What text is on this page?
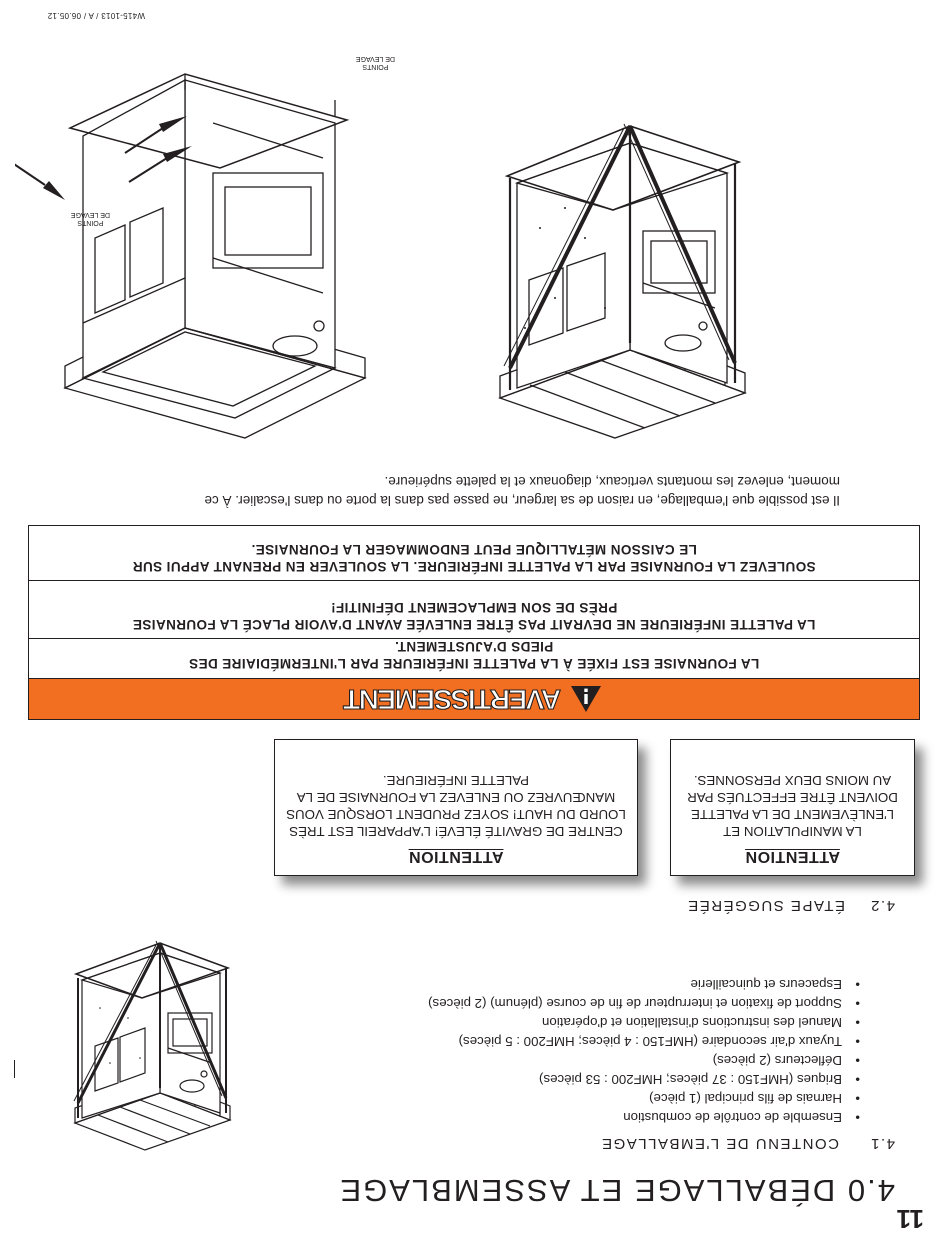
11
4.0 DÉBALLAGE ET ASSEMBLAGE
4.1CONTENU DE L'EMBALLAGE
• Ensemble de contrôle de combustion
• Harnais de fils principal (1 pièce)
• Briques (HMF150 : 37 pièces; HMF200 : 53 pièces)
• Déflecteurs (2 pièces)
• Tuyaux d'air secondaire (HMF150 : 4 pièces; HMF200 : 5 pièces)
• Manuel des instructions d'installation et d'opération
• Support de fixation et interrupteur de fin de course (plénum) (2 pièces)
• Espaceurs et quincaillerie
4.2ÉTAPE SUGGÉRÉE
ATTENTION
LA MANIPULATION ET
L'ENLÈVEMENT DE LA PALETTE
DOIVENT ÊTRE EFFECTUÉS PAR
AU MOINS DEUX PERSONNES.
ATTENTION
CENTRE DE GRAVITÉ ÉLEVÉ! L'APPAREIL EST TRÈS
LOURD DU HAUT! SOYEZ PRUDENT LORSQUE VOUS
MANŒUVREZ OU ENLEVEZ LA FOURNAISE DE LA
PALETTE INFÉRIEURE.
AVERTISSEMENT
LA FOURNAISE EST FIXÉE À LA PALETTE INFÉRIEURE PAR L'INTERMÉDIAIRE DES
PIEDS D'AJUSTEMENT.
LA PALETTE INFÉRIEURE NE DEVRAIT PAS ÊTRE ENLEVÉE AVANT D'AVOIR PLACÉ LA FOURNAISE
PRÈS DE SON EMPLACEMENT DÉFINITIF!
SOULEVEZ LA FOURNAISE PAR LA PALETTE INFÉRIEURE. LA SOULEVER EN PRENANT APPUI SUR
LE CAISSON MÉTALLIQUE PEUT ENDOMMAGER LA FOURNAISE.
Il est possible que l'emballage, en raison de sa largeur, ne passe pas dans la porte ou dans l'escalier. À ce
moment, enlevez les montants verticaux, diagonaux et la palette supérieure.
POINTS
DE LEVAGE
POINTS
DE LEVAGE
W415-1013 / A / 06.05.12
